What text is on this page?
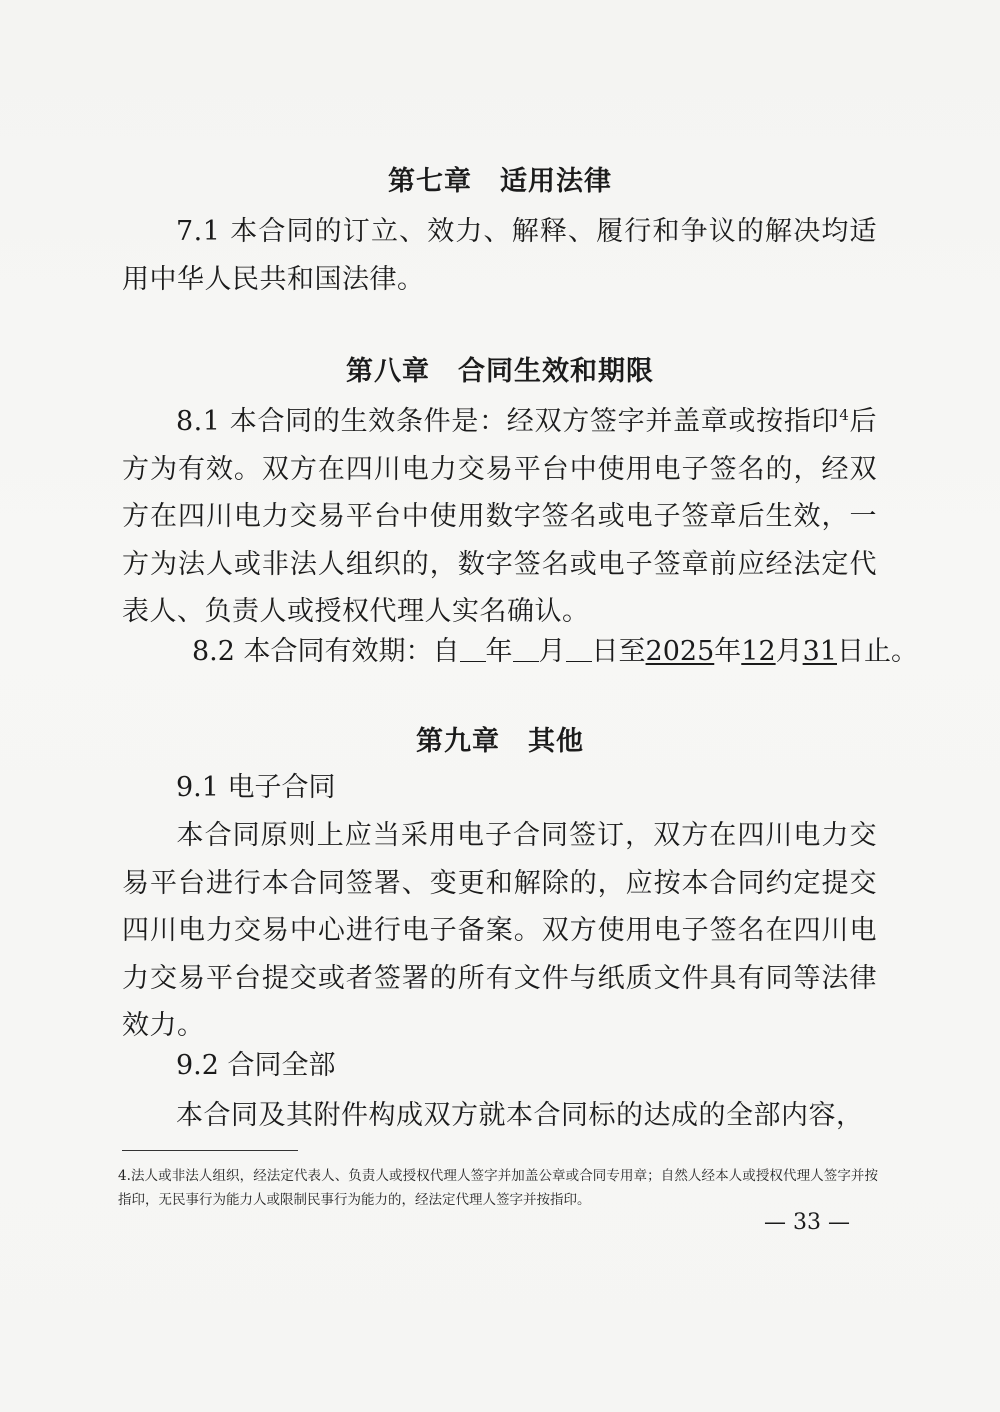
第七章　适用法律
7.1 本合同的订立、效力、解释、履行和争议的解决均适用中华人民共和国法律。
第八章　合同生效和期限
8.1 本合同的生效条件是：经双方签字并盖章或按指印$^4$后方为有效。双方在四川电力交易平台中使用电子签名的，经双方在四川电力交易平台中使用数字签名或电子签章后生效，一方为法人或非法人组织的，数字签名或电子签章前应经法定代表人、负责人或授权代理人实名确认。
8.2 本合同有效期：自 年 月 日至2025年12月31日止。
第九章　其他
9.1 电子合同
本合同原则上应当采用电子合同签订，双方在四川电力交易平台进行本合同签署、变更和解除的，应按本合同约定提交四川电力交易中心进行电子备案。双方使用电子签名在四川电力交易平台提交或者签署的所有文件与纸质文件具有同等法律效力。
9.2 合同全部
本合同及其附件构成双方就本合同标的达成的全部内容，
4.法人或非法人组织，经法定代表人、负责人或授权代理人签字并加盖公章或合同专用章；自然人经本人或授权代理人签字并按指印，无民事行为能力人或限制民事行为能力的，经法定代理人签字并按指印。
— 33 —
